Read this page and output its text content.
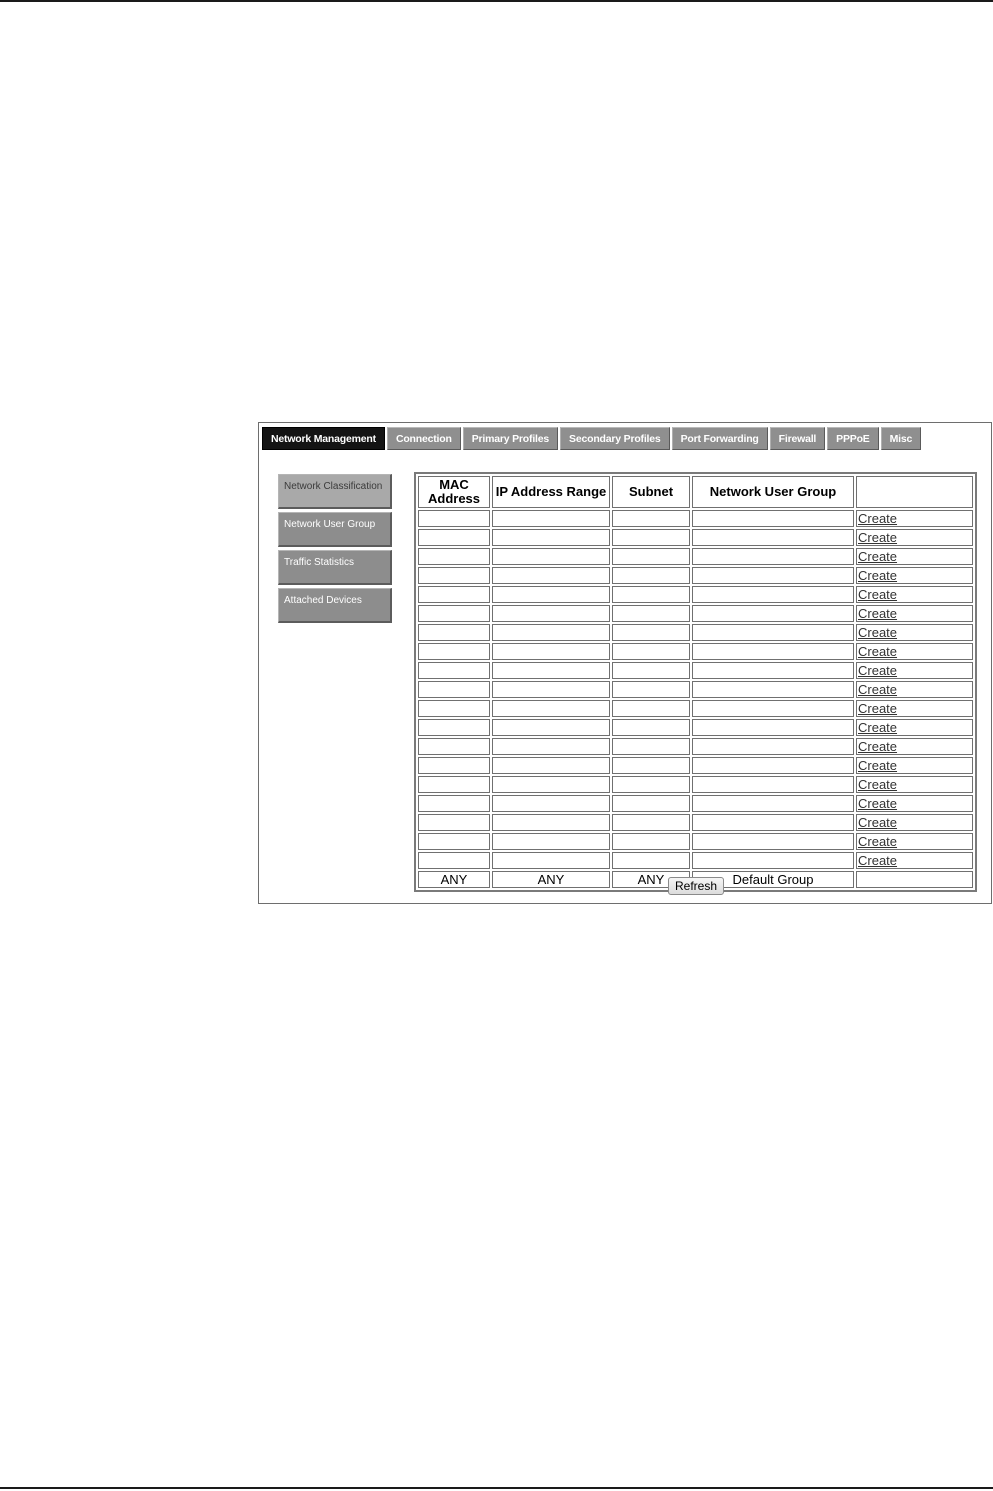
Network Management	Connection	Primary Profiles	Secondary Profiles	Port Forwarding	Firewall	PPPoE	Misc
Network Classification
Network User Group
Traffic Statistics
Attached Devices
MAC Address	IP Address Range	Subnet	Network User Group	
				Create
				Create
				Create
				Create
				Create
				Create
				Create
				Create
				Create
				Create
				Create
				Create
				Create
				Create
				Create
				Create
				Create
				Create
				Create
ANY	ANY	ANY	Default Group	
Refresh
